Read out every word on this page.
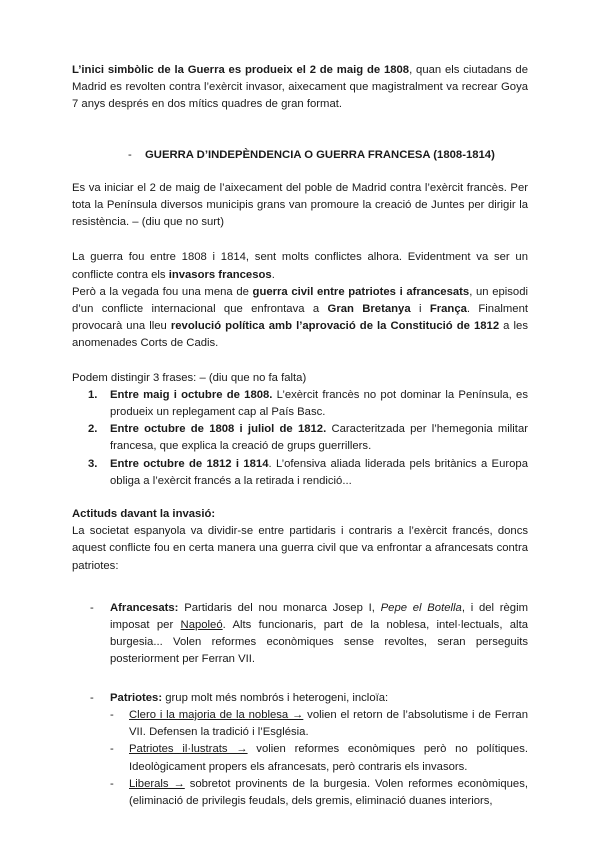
L’inici simbòlic de la Guerra es produeix el 2 de maig de 1808, quan els ciutadans de Madrid es revolten contra l’exèrcit invasor, aixecament que magistralment va recrear Goya 7 anys després en dos mítics quadres de gran format.

- GUERRA D’INDEPÈNDENCIA O GUERRA FRANCESA (1808-1814)

Es va iniciar el 2 de maig de l’aixecament del poble de Madrid contra l’exèrcit francès. Per tota la Península diversos municipis grans van promoure la creació de Juntes per dirigir la resistència. – (diu que no surt)

La guerra fou entre 1808 i 1814, sent molts conflictes alhora. Evidentment va ser un conflicte contra els invasors francesos.

Però a la vegada fou una mena de guerra civil entre patriotes i afrancesats, un episodi d’un conflicte internacional que enfrontava a Gran Bretanya i França. Finalment provocarà una lleu revolució política amb l’aprovació de la Constitució de 1812 a les anomenades Corts de Cadis.

Podem distingir 3 frases: – (diu que no fa falta)

1. Entre maig i octubre de 1808. L’exèrcit francès no pot dominar la Península, es produeix un replegament cap al País Basc.
2. Entre octubre de 1808 i juliol de 1812. Caracteritzada per l’hemegonia militar francesa, que explica la creació de grups guerrillers.
3. Entre octubre de 1812 i 1814. L’ofensiva aliada liderada pels britànics a Europa obliga a l’exèrcit francés a la retirada i rendició...

Actituds davant la invasió:

La societat espanyola va dividir-se entre partidaris i contraris a l’exèrcit francés, doncs aquest conflicte fou en certa manera una guerra civil que va enfrontar a afrancesats contra patriotes:

- Afrancesats: Partidaris del nou monarca Josep I, Pepe el Botella, i del règim imposat per Napoleó. Alts funcionaris, part de la noblesa, intel·lectuals, alta burgesia... Volen reformes econòmiques sense revoltes, seran perseguits posteriorment per Ferran VII.
- Patriotes: grup molt més nombrós i heterogeni, incloïa:
- Clero i la majoria de la noblesa → volien el retorn de l’absolutisme i de Ferran VII. Defensen la tradició i l’Església.
- Patriotes il·lustrats → volien reformes econòmiques però no polítiques. Ideològicament propers els afrancesats, però contraris els invasors.
- Liberals → sobretot provinents de la burgesia. Volen reformes econòmiques, (eliminació de privilegis feudals, dels gremis, eliminació duanes interiors,
